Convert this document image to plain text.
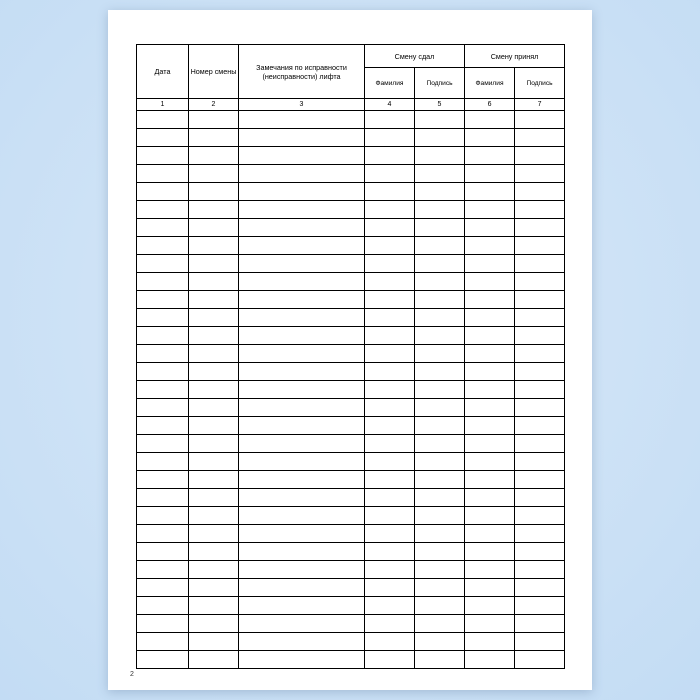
Дата	Номер смены	Замечания по исправности (неисправности) лифта	Смену сдал		Смену принял	
			Фамилия	Подпись	Фамилия	Подпись
1	2	3	4	5	6	7

2
